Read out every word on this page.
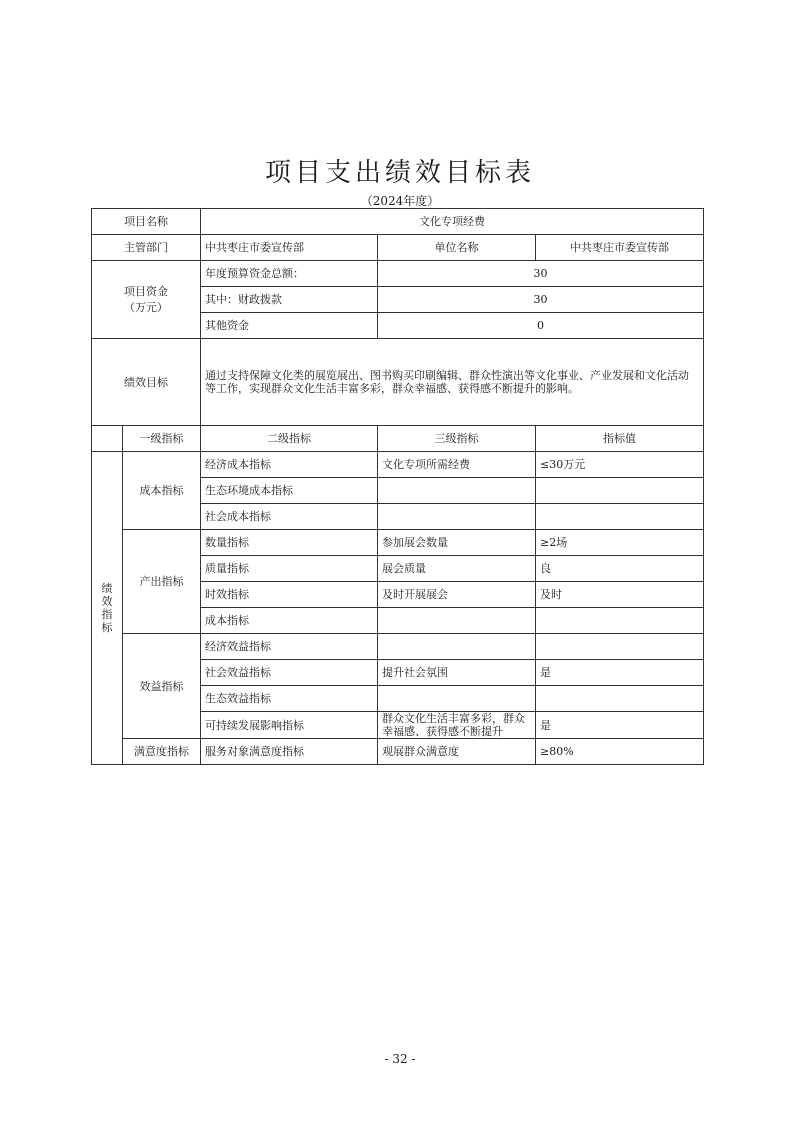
项目支出绩效目标表
（2024年度）
项目名称		文化专项经费		
主管部门		中共枣庄市委宣传部	单位名称	中共枣庄市委宣传部
项目资金
（万元）		年度预算资金总额：	30	
		其中：财政拨款	30	
		其他资金	0	
绩效目标		通过支持保障文化类的展览展出、图书购买印刷编辑、群众性演出等文化事业、产业发展和文化活动等工作，实现群众文化生活丰富多彩，群众幸福感、获得感不断提升的影响。		
	一级指标	二级指标	三级指标	指标值
绩
效
指
标	成本指标	经济成本指标	文化专项所需经费	≤30万元
		生态环境成本指标		
		社会成本指标		
	产出指标	数量指标	参加展会数量	≥2场
		质量指标	展会质量	良
		时效指标	及时开展展会	及时
		成本指标		
	效益指标	经济效益指标		
		社会效益指标	提升社会氛围	是
		生态效益指标		
		可持续发展影响指标	群众文化生活丰富多彩，群众幸福感、获得感不断提升	是
	满意度指标	服务对象满意度指标	观展群众满意度	≥80%
- 32 -
